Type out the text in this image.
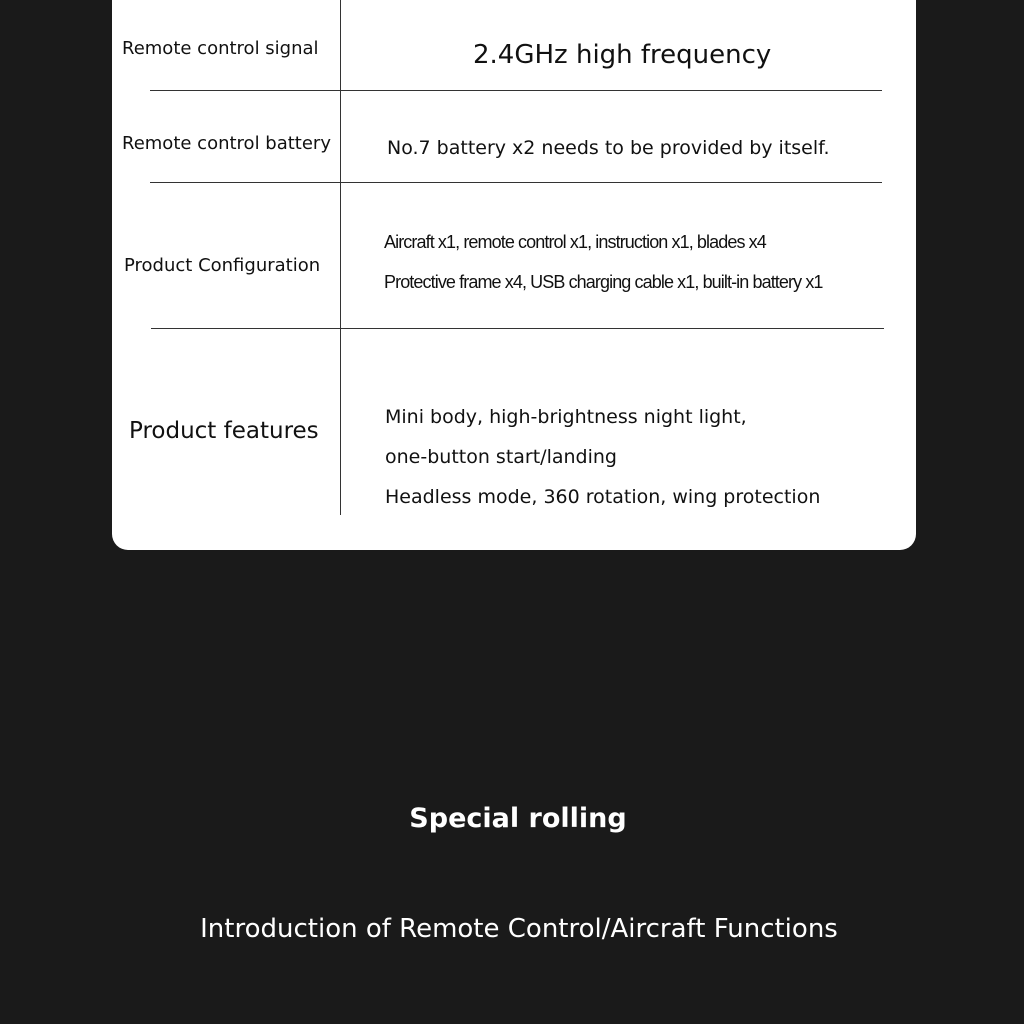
Remote control signal	2.4GHz high frequency
Remote control battery	No.7 battery x2 needs to be provided by itself.
Product Configuration
Aircraft x1, remote control x1, instruction x1, blades x4
Protective frame x4, USB charging cable x1, built-in battery x1
Product features
Mini body, high-brightness night light,
one-button start/landing
Headless mode, 360 rotation, wing protection
Special rolling
Introduction of Remote Control/Aircraft Functions
